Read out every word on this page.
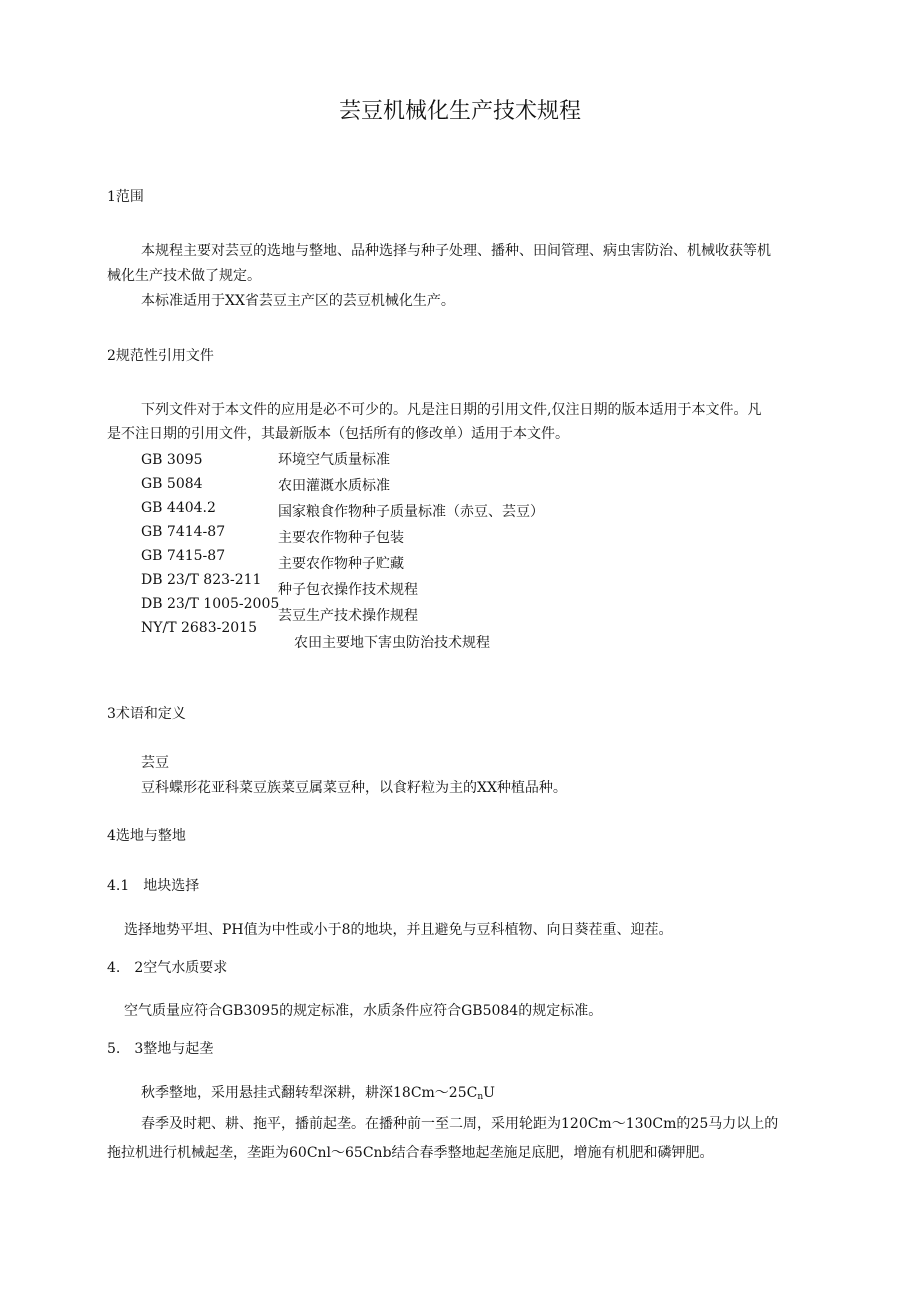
芸豆机械化生产技术规程

1范围

本规程主要对芸豆的选地与整地、品种选择与种子处理、播种、田间管理、病虫害防治、机械收获等机

械化生产技术做了规定。

本标准适用于XX省芸豆主产区的芸豆机械化生产。

2规范性引用文件

下列文件对于本文件的应用是必不可少的。凡是注日期的引用文件,仅注日期的版本适用于本文件。凡

是不注日期的引用文件，其最新版本（包括所有的修改单）适用于本文件。

GB 3095

GB 5084

GB 4404.2

GB 7414-87

GB 7415-87

DB 23/T 823-211

DB 23/T 1005-2005

NY/T 2683-2015

环境空气质量标准

农田灌溉水质标准

国家粮食作物种子质量标准（赤豆、芸豆）

主要农作物种子包装

主要农作物种子贮藏

种子包衣操作技术规程

芸豆生产技术操作规程

农田主要地下害虫防治技术规程

3术语和定义

芸豆

豆科蝶形花亚科菜豆族菜豆属菜豆种，以食籽粒为主的XX种植品种。

4选地与整地

4.1　地块选择

选择地势平坦、PH值为中性或小于8的地块，并且避免与豆科植物、向日葵茬重、迎茬。

4.　2空气水质要求

空气质量应符合GB3095的规定标准，水质条件应符合GB5084的规定标准。

5.　3整地与起垄

秋季整地，采用悬挂式翻转犁深耕，耕深$18Cm\sim 25C_nU$

春季及时耙、耕、拖平，播前起垄。在播种前一至二周，采用轮距为120Cm～130Cm的25马力以上的

拖拉机进行机械起垄，垄距为60Cnl～65Cnb结合春季整地起垄施足底肥，增施有机肥和磷钾肥。
